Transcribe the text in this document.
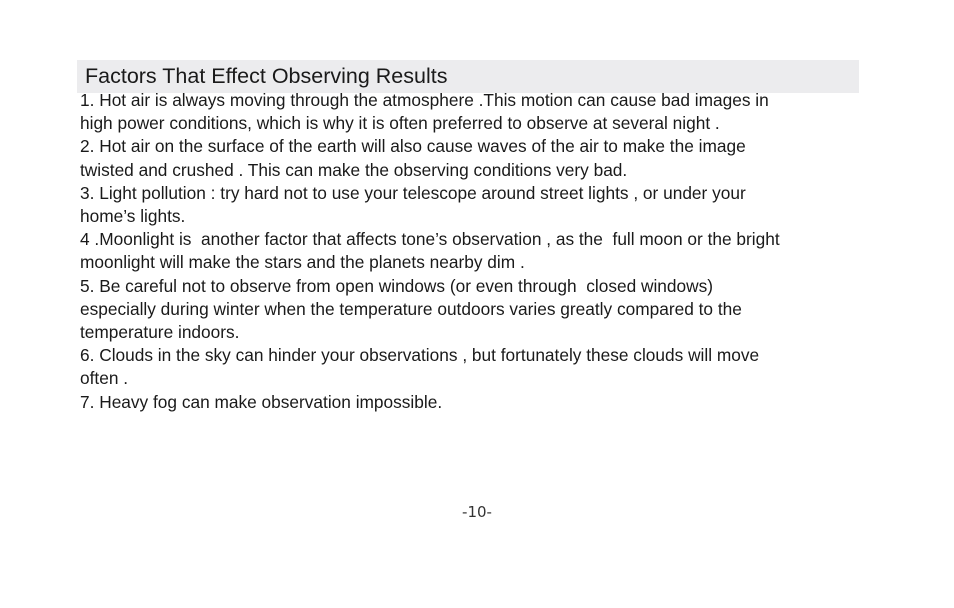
Factors That Effect Observing Results
1. Hot air is always moving through the atmosphere .This motion can cause bad images in
high power conditions, which is why it is often preferred to observe at several night .
2. Hot air on the surface of the earth will also cause waves of the air to make the image
twisted and crushed . This can make the observing conditions very bad.
3. Light pollution : try hard not to use your telescope around street lights , or under your
home’s lights.
4 .Moonlight is  another factor that affects tone’s observation , as the  full moon or the bright
moonlight will make the stars and the planets nearby dim .
5. Be careful not to observe from open windows (or even through  closed windows)
especially during winter when the temperature outdoors varies greatly compared to the
temperature indoors.
6. Clouds in the sky can hinder your observations , but fortunately these clouds will move
often .
7. Heavy fog can make observation impossible.
-10-
